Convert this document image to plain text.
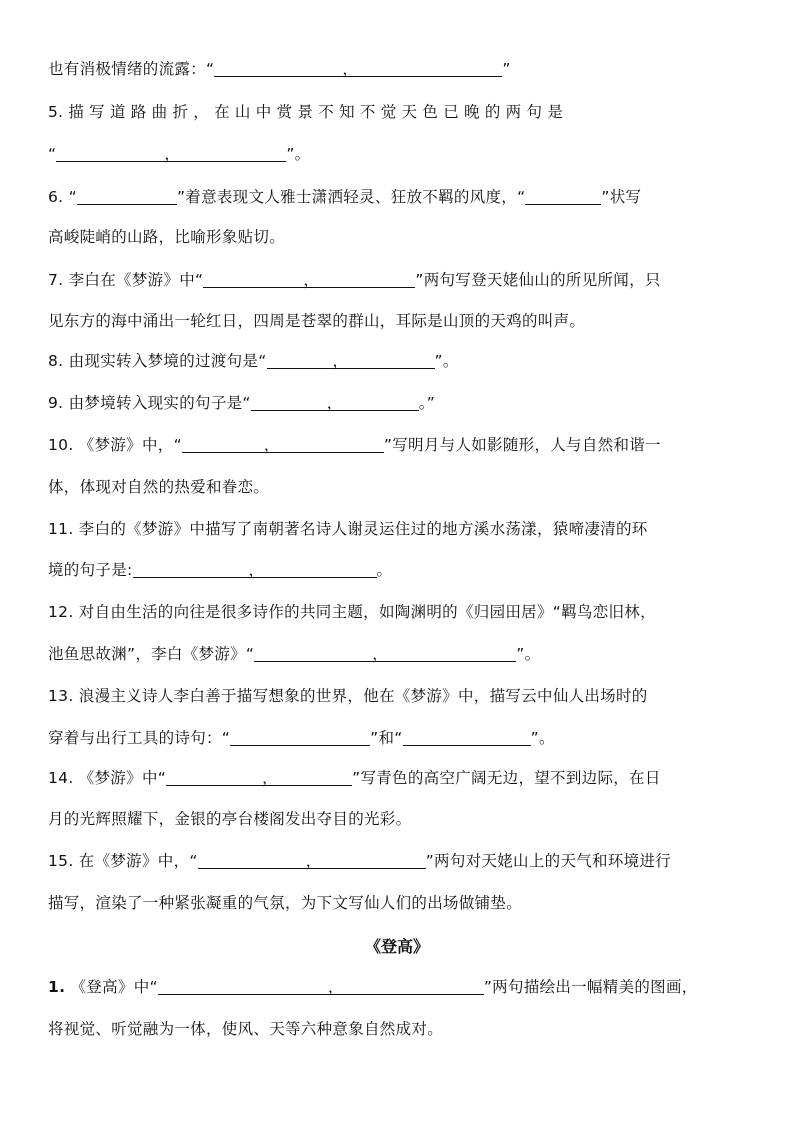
也有消极情绪的流露：“	，	”
5. 描 写 道 路 曲 折 ， 在 山 中 赏 景 不 知 不 觉 天 色 已 晚 的 两 句 是
“	，	”。
6. “	”着意表现文人雅士潇洒轻灵、狂放不羁的风度，“	”状写
高峻陡峭的山路，比喻形象贴切。
7. 李白在《梦游》中“	，	”两句写登天姥仙山的所见所闻，只
见东方的海中涌出一轮红日，四周是苍翠的群山，耳际是山顶的天鸡的叫声。
8. 由现实转入梦境的过渡句是“	，	”。
9. 由梦境转入现实的句子是“	，	。”
10. 《梦游》中，“	，	”写明月与人如影随形，人与自然和谐一
体，体现对自然的热爱和眷恋。
11. 李白的《梦游》中描写了南朝著名诗人谢灵运住过的地方溪水荡漾，猿啼凄清的环
境的句子是:	，	。
12. 对自由生活的向往是很多诗作的共同主题，如陶渊明的《归园田居》“羁鸟恋旧林，
池鱼思故渊”，李白《梦游》“	，	”。
13. 浪漫主义诗人李白善于描写想象的世界，他在《梦游》中，描写云中仙人出场时的
穿着与出行工具的诗句：“	”和“	”。
14. 《梦游》中“	，	”写青色的高空广阔无边，望不到边际，在日
月的光辉照耀下，金银的亭台楼阁发出夺目的光彩。
15. 在《梦游》中，“	，	”两句对天姥山上的天气和环境进行
描写，渲染了一种紧张凝重的气氛，为下文写仙人们的出场做铺垫。
《登高》
1. 《登高》中“	，	”两句描绘出一幅精美的图画，
将视觉、听觉融为一体，使风、天等六种意象自然成对。
